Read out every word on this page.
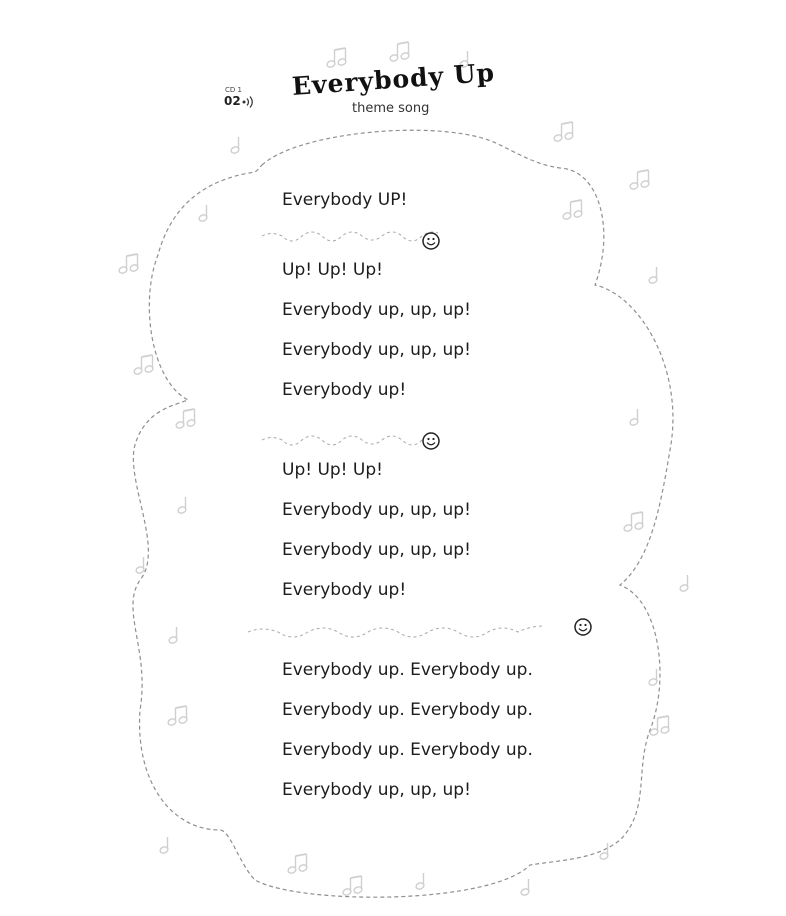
CD 1
02
Everybody Up

theme song

Everybody UP!

Up! Up! Up!

Everybody up, up, up!

Everybody up, up, up!

Everybody up!

Up! Up! Up!

Everybody up, up, up!

Everybody up, up, up!

Everybody up!

Everybody up. Everybody up.

Everybody up. Everybody up.

Everybody up. Everybody up.

Everybody up, up, up!
